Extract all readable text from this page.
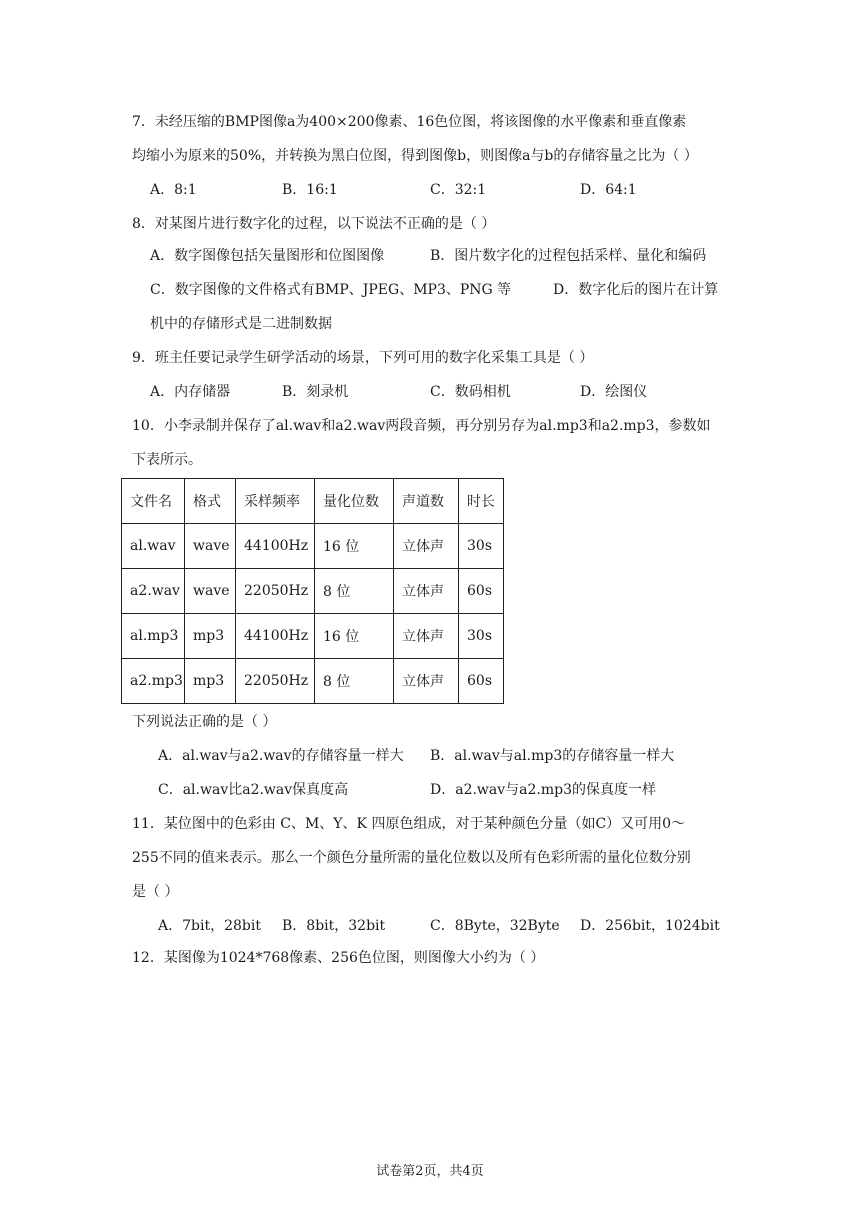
7．未经压缩的BMP图像a为400×200像素、16色位图，将该图像的水平像素和垂直像素
均缩小为原来的50%，并转换为黑白位图，得到图像b，则图像a与b的存储容量之比为（ ）
A．8:1	B．16:1	C．32:1	D．64:1
8．对某图片进行数字化的过程，以下说法不正确的是（ ）
A．数字图像包括矢量图形和位图图像	B．图片数字化的过程包括采样、量化和编码
C．数字图像的文件格式有BMP、JPEG、MP3、PNG 等	D．数字化后的图片在计算
机中的存储形式是二进制数据
9．班主任要记录学生研学活动的场景，下列可用的数字化采集工具是（ ）
A．内存储器	B．刻录机	C．数码相机	D．绘图仪
10．小李录制并保存了al.wav和a2.wav两段音频，再分别另存为al.mp3和a2.mp3，参数如
下表所示。
文件名	格式	采样频率	量化位数	声道数	时长
al.wav	wave	44100Hz	16 位	立体声	30s
a2.wav	wave	22050Hz	8 位	立体声	60s
al.mp3	mp3	44100Hz	16 位	立体声	30s
a2.mp3	mp3	22050Hz	8 位	立体声	60s
下列说法正确的是（ ）
A．al.wav与a2.wav的存储容量一样大 B．al.wav与al.mp3的存储容量一样大
C．al.wav比a2.wav保真度高	D．a2.wav与a2.mp3的保真度一样
11．某位图中的色彩由 C、M、Y、K 四原色组成，对于某种颜色分量（如C）又可用0～
255不同的值来表示。那么一个颜色分量所需的量化位数以及所有色彩所需的量化位数分别
是（ ）
A．7bit，28bit B．8bit，32bit	C．8Byte，32Byte D．256bit，1024bit
12．某图像为1024*768像素、256色位图，则图像大小约为（ ）
试卷第2页，共4页
